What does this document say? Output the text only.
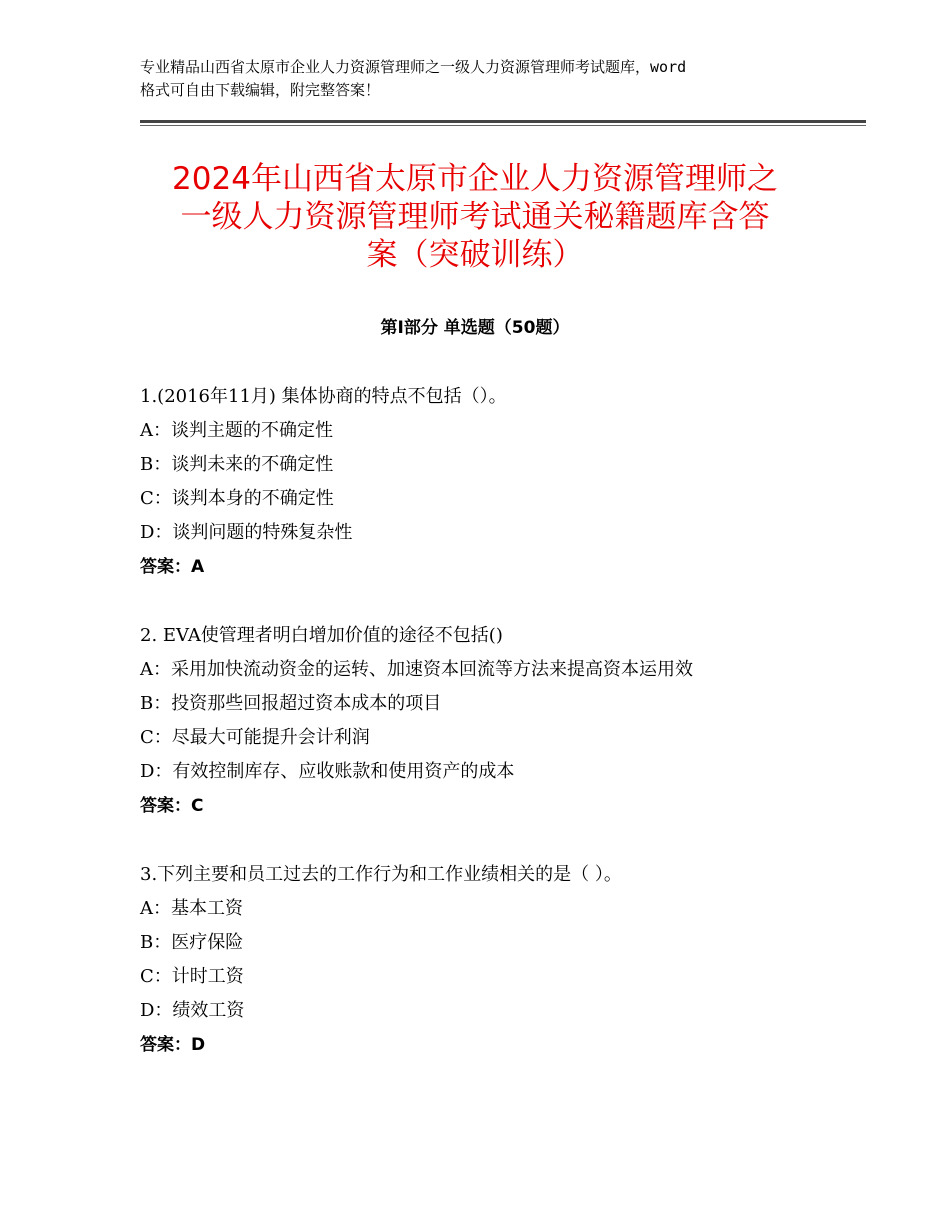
专业精品山西省太原市企业人力资源管理师之一级人力资源管理师考试题库，word
格式可自由下载编辑，附完整答案！
2024年山西省太原市企业人力资源管理师之
一级人力资源管理师考试通关秘籍题库含答
案（突破训练）
第Ⅰ部分 单选题（50题）
1.(2016年11月) 集体协商的特点不包括（）。
A：谈判主题的不确定性
B：谈判未来的不确定性
C：谈判本身的不确定性
D：谈判问题的特殊复杂性
答案：A
2. EVA使管理者明白增加价值的途径不包括()
A：采用加快流动资金的运转、加速资本回流等方法来提高资本运用效
B：投资那些回报超过资本成本的项目
C：尽最大可能提升会计利润
D：有效控制库存、应收账款和使用资产的成本
答案：C
3.下列主要和员工过去的工作行为和工作业绩相关的是（ ）。
A：基本工资
B：医疗保险
C：计时工资
D：绩效工资
答案：D
